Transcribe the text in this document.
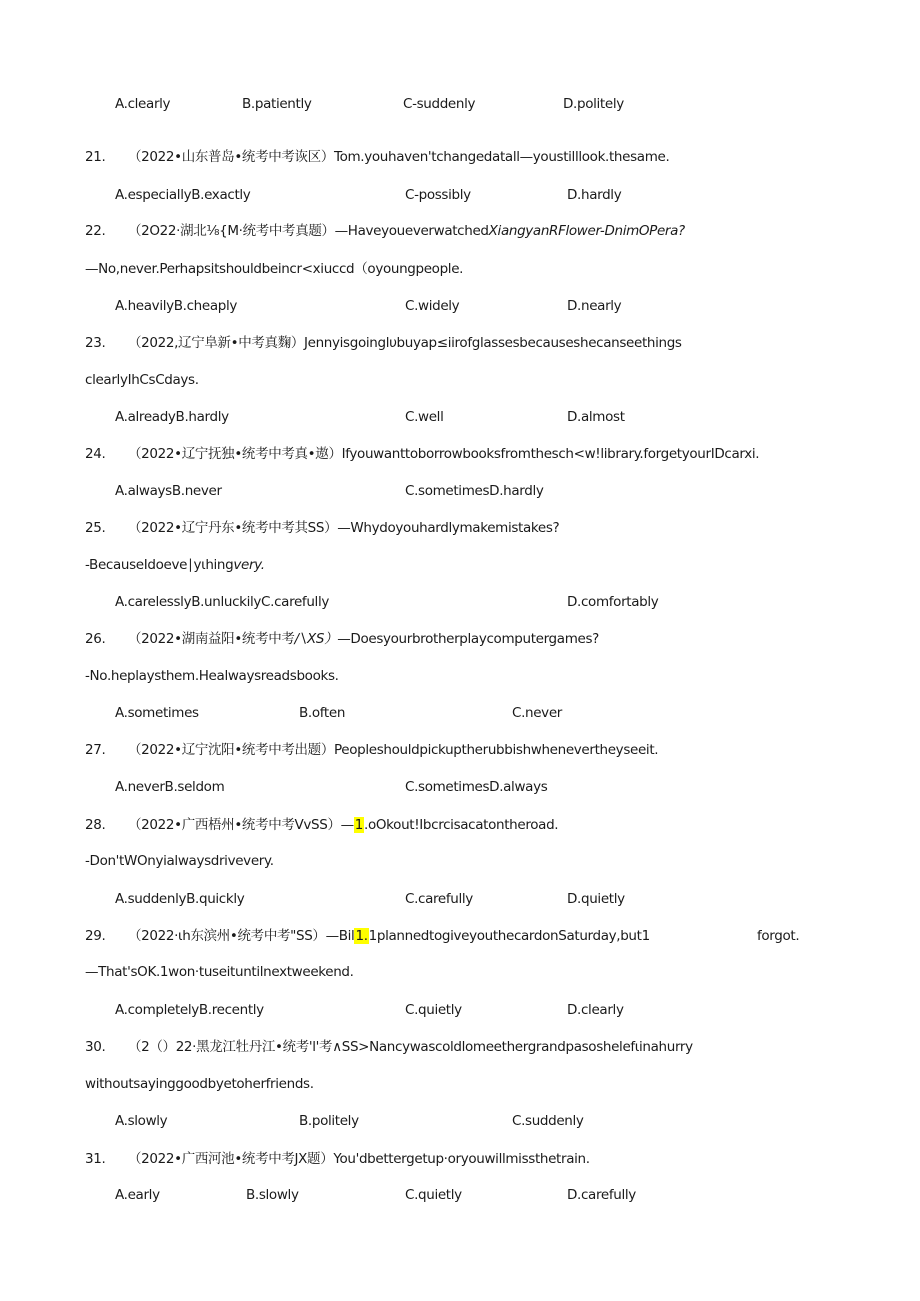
A.clearly	B.patiently	C-suddenly	D.politely
21. （2022•山东普岛•统考中考诙区）Tom.youhaven'tchangedatall—youstilllook.thesame.
A.especiallyB.exactly	C-possibly	D.hardly
22. （2O22·湖北⅛{M·统考中考真题）—HaveyoueverwatchedXiangyanRFlower-DnimOPera?
—No,never.Perhapsitshouldbeincr<xiuccd（oyoungpeople.
A.heavilyB.cheaply	C.widely	D.nearly
23. （2022,辽宁阜新•中考真麴）Jennyisgoinglυbuyap≤iirofglassesbecauseshecanseethings
clearlyIhCsCdays.
A.alreadyB.hardly	C.well	D.almost
24. （2022•辽宁抚独•统考中考真•遨）Ifyouwanttoborrowbooksfromthesch<w!library.forgetyourIDcarxi.
A.alwaysB.never	C.sometimesD.hardly
25. （2022•辽宁丹东•统考中考其SS）—Whydoyouhardlymakemistakes?
-BecauseIdoeve∣yιhingvery.
A.carelesslyB.unluckilyC.carefully	D.comfortably
26. （2022•湖南益阳•统考中考∕∖XS）—Doesyourbrotherplaycomputergames?
-No.heplaysthem.Healwaysreadsbooks.
A.sometimes	B.often	C.never
27. （2022•辽宁沈阳•统考中考出题）Peopleshouldpickuptherubbishwhenevertheyseeit.
A.neverB.seldom	C.sometimesD.always
28. （2022•广西梧州•统考中考VvSS）—1.oOkout!Ibcrcisacatontheroad.
-Don'tWOnyialwaysdrivevery.
A.suddenlyB.quickly	C.carefully	D.quietly
29. （2022·ιh东滨州•统考中考"SS）—Bil1.1plannedtogiveyouthecardonSaturday,but1	forgot.
—That'sOK.1won·tuseituntilnextweekend.
A.completelyB.recently	C.quietly	D.clearly
30. （2（）22·黑龙江牡丹江•统考'l'考∧SS>Nancywascoldlomeethergrandpasoshelefιinahurry
withoutsayinggoodbyetoherfriends.
A.slowly	B.politely	C.suddenly
31. （2022•广西河池•统考中考JX题）You'dbettergetup·oryouwillmissthetrain.
A.early	B.slowly	C.quietly	D.carefully
